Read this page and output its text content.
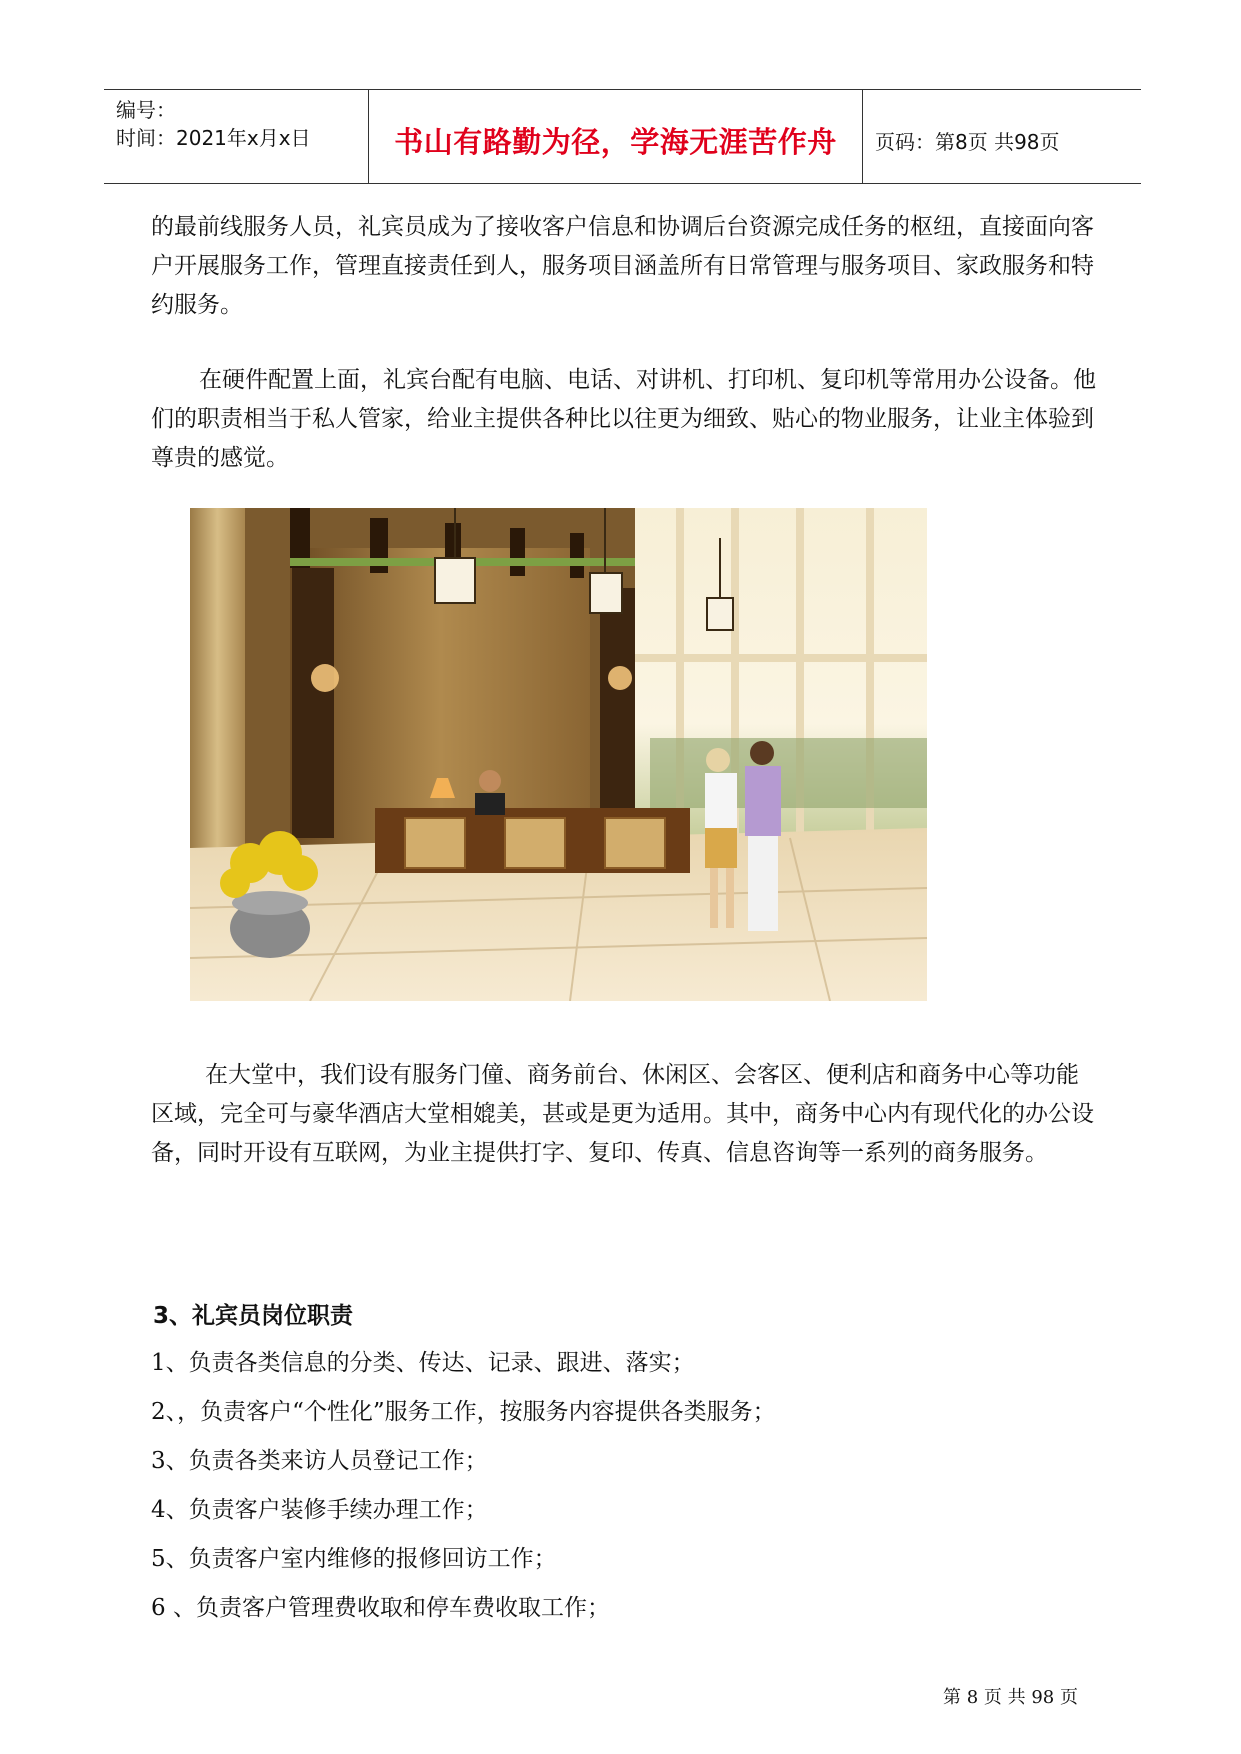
编号：
时间：2021年x月x日	书山有路勤为径，学海无涯苦作舟	页码：第8页 共98页

的最前线服务人员，礼宾员成为了接收客户信息和协调后台资源完成任务的枢纽，直接面向客户开展服务工作，管理直接责任到人，服务项目涵盖所有日常管理与服务项目、家政服务和特约服务。

在硬件配置上面，礼宾台配有电脑、电话、对讲机、打印机、复印机等常用办公设备。他们的职责相当于私人管家，给业主提供各种比以往更为细致、贴心的物业服务，让业主体验到尊贵的感觉。

在大堂中，我们设有服务门僮、商务前台、休闲区、会客区、便利店和商务中心等功能区域，完全可与豪华酒店大堂相媲美，甚或是更为适用。其中，商务中心内有现代化的办公设备，同时开设有互联网，为业主提供打字、复印、传真、信息咨询等一系列的商务服务。

3、礼宾员岗位职责
1、负责各类信息的分类、传达、记录、跟进、落实；
2、，负责客户“个性化”服务工作，按服务内容提供各类服务；
3、负责各类来访人员登记工作；
4、负责客户装修手续办理工作；
5、负责客户室内维修的报修回访工作；
6 、负责客户管理费收取和停车费收取工作；
第 8 页 共 98 页
